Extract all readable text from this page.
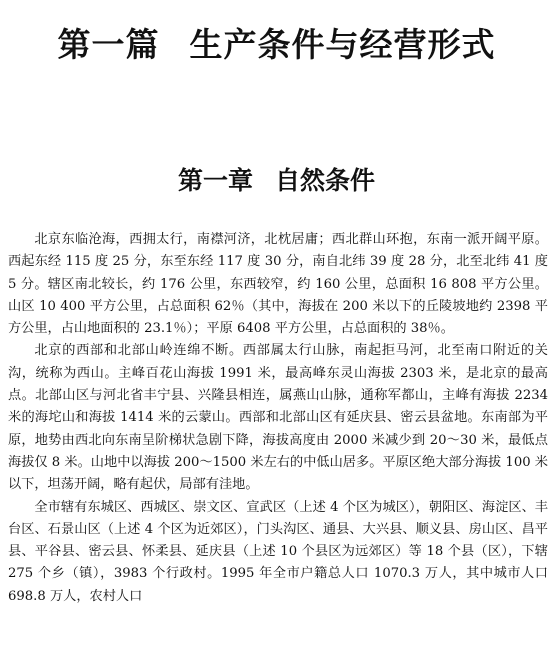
第一篇 生产条件与经营形式
第一章 自然条件

北京东临沧海，西拥太行，南襟河济，北枕居庸；西北群山环抱，东南一派开阔平原。西起东经 115 度 25 分，东至东经 117 度 30 分，南自北纬 39 度 28 分，北至北纬 41 度 5 分。辖区南北较长，约 176 公里，东西较窄，约 160 公里，总面积 16 808 平方公里。山区 10 400 平方公里，占总面积 62％（其中，海拔在 200 米以下的丘陵坡地约 2398 平方公里，占山地面积的 23.1％）；平原 6408 平方公里，占总面积的 38％。

北京的西部和北部山岭连绵不断。西部属太行山脉，南起拒马河，北至南口附近的关沟，统称为西山。主峰百花山海拔 1991 米，最高峰东灵山海拔 2303 米，是北京的最高点。北部山区与河北省丰宁县、兴隆县相连，属燕山山脉，通称军都山，主峰有海拔 2234 米的海坨山和海拔 1414 米的云蒙山。西部和北部山区有延庆县、密云县盆地。东南部为平原，地势由西北向东南呈阶梯状急剧下降，海拔高度由 2000 米减少到 20～30 米，最低点海拔仅 8 米。山地中以海拔 200～1500 米左右的中低山居多。平原区绝大部分海拔 100 米以下，坦荡开阔，略有起伏，局部有洼地。

全市辖有东城区、西城区、崇文区、宣武区（上述 4 个区为城区），朝阳区、海淀区、丰台区、石景山区（上述 4 个区为近郊区），门头沟区、通县、大兴县、顺义县、房山区、昌平县、平谷县、密云县、怀柔县、延庆县（上述 10 个县区为远郊区）等 18 个县（区），下辖 275 个乡（镇），3983 个行政村。1995 年全市户籍总人口 1070.3 万人，其中城市人口 698.8 万人，农村人口
